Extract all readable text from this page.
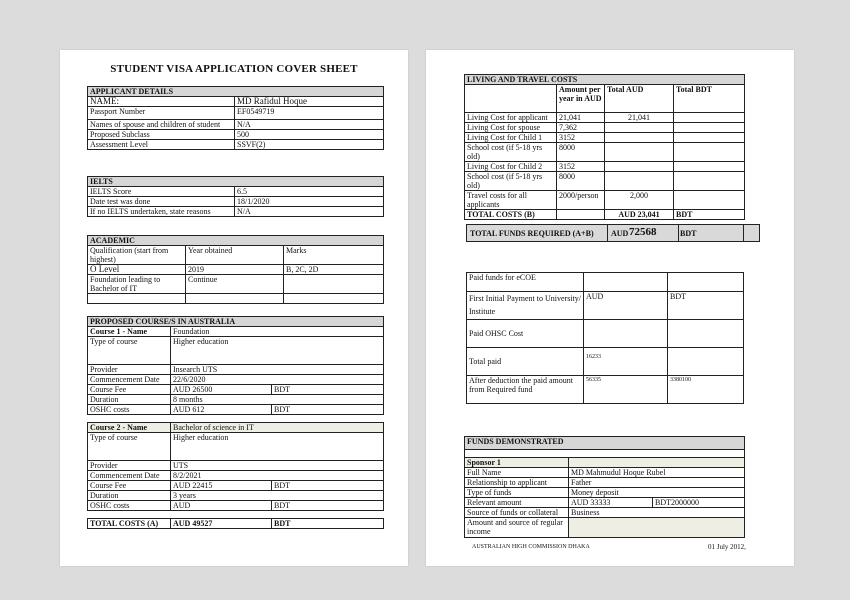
STUDENT VISA APPLICATION COVER SHEET
APPLICANT DETAILS	
NAME:	MD Rafidul Hoque
Passport Number	EF0549719
Names of spouse and children of student	N/A
Proposed Subclass	500
Assessment Level	SSVF(2)
IELTS	
IELTS Score	6.5
Date test was done	18/1/2020
If no IELTS undertaken, state reasons	N/A
ACADEMIC		
Qualification (start from highest)	Year obtained	Marks
O Level	2019	B, 2C, 2D
Foundation leading to Bachelor of IT	Continue	

PROPOSED COURSE/S IN AUSTRALIA		
Course 1 - Name	Foundation	
Type of course	Higher education	
Provider	Insearch UTS	
Commencement Date	22/6/2020	
Course Fee	AUD 26500	BDT
Duration	8 months	
OSHC costs	AUD 612	BDT

Course 2 - Name	Bachelor of science in IT	
Type of course	Higher education	
Provider	UTS	
Commencement Date	8/2/2021	
Course Fee	AUD 22415	BDT
Duration	3 years	
OSHC costs	AUD	BDT

TOTAL COSTS (A)	AUD 49527	BDT
LIVING AND TRAVEL COSTS			
	Amount per year in AUD	Total AUD	Total BDT
Living Cost for applicant	21,041	21,041	
Living Cost for spouse	7,362		
Living Cost for Child 1	3152		
School cost (if 5-18 yrs old)	8000		
Living Cost for Child 2	3152		
School cost (if 5-18 yrs old)	8000		
Travel costs for all applicants	2000/person	2,000	
TOTAL COSTS (B)		AUD 23,041	BDT
TOTAL FUNDS REQUIRED (A+B) AUD 72568	BDT
Paid funds for eCOE		
First Initial Payment to University/ Institute	AUD	BDT
Paid OHSC Cost		
Total paid	16233	
After deduction the paid amount from Required fund	56335	3380100
FUNDS DEMONSTRATED		

Sponsor 1		
Full Name	MD Mahmudul Hoque Rubel	
Relationship to applicant	Father	
Type of funds	Money deposit	
Relevant amount	AUD 33333	BDT2000000
Source of funds or collateral	Business	
Amount and source of regular income		
AUSTRALIAN HIGH COMMISSION DHAKA	01 July 2012,
